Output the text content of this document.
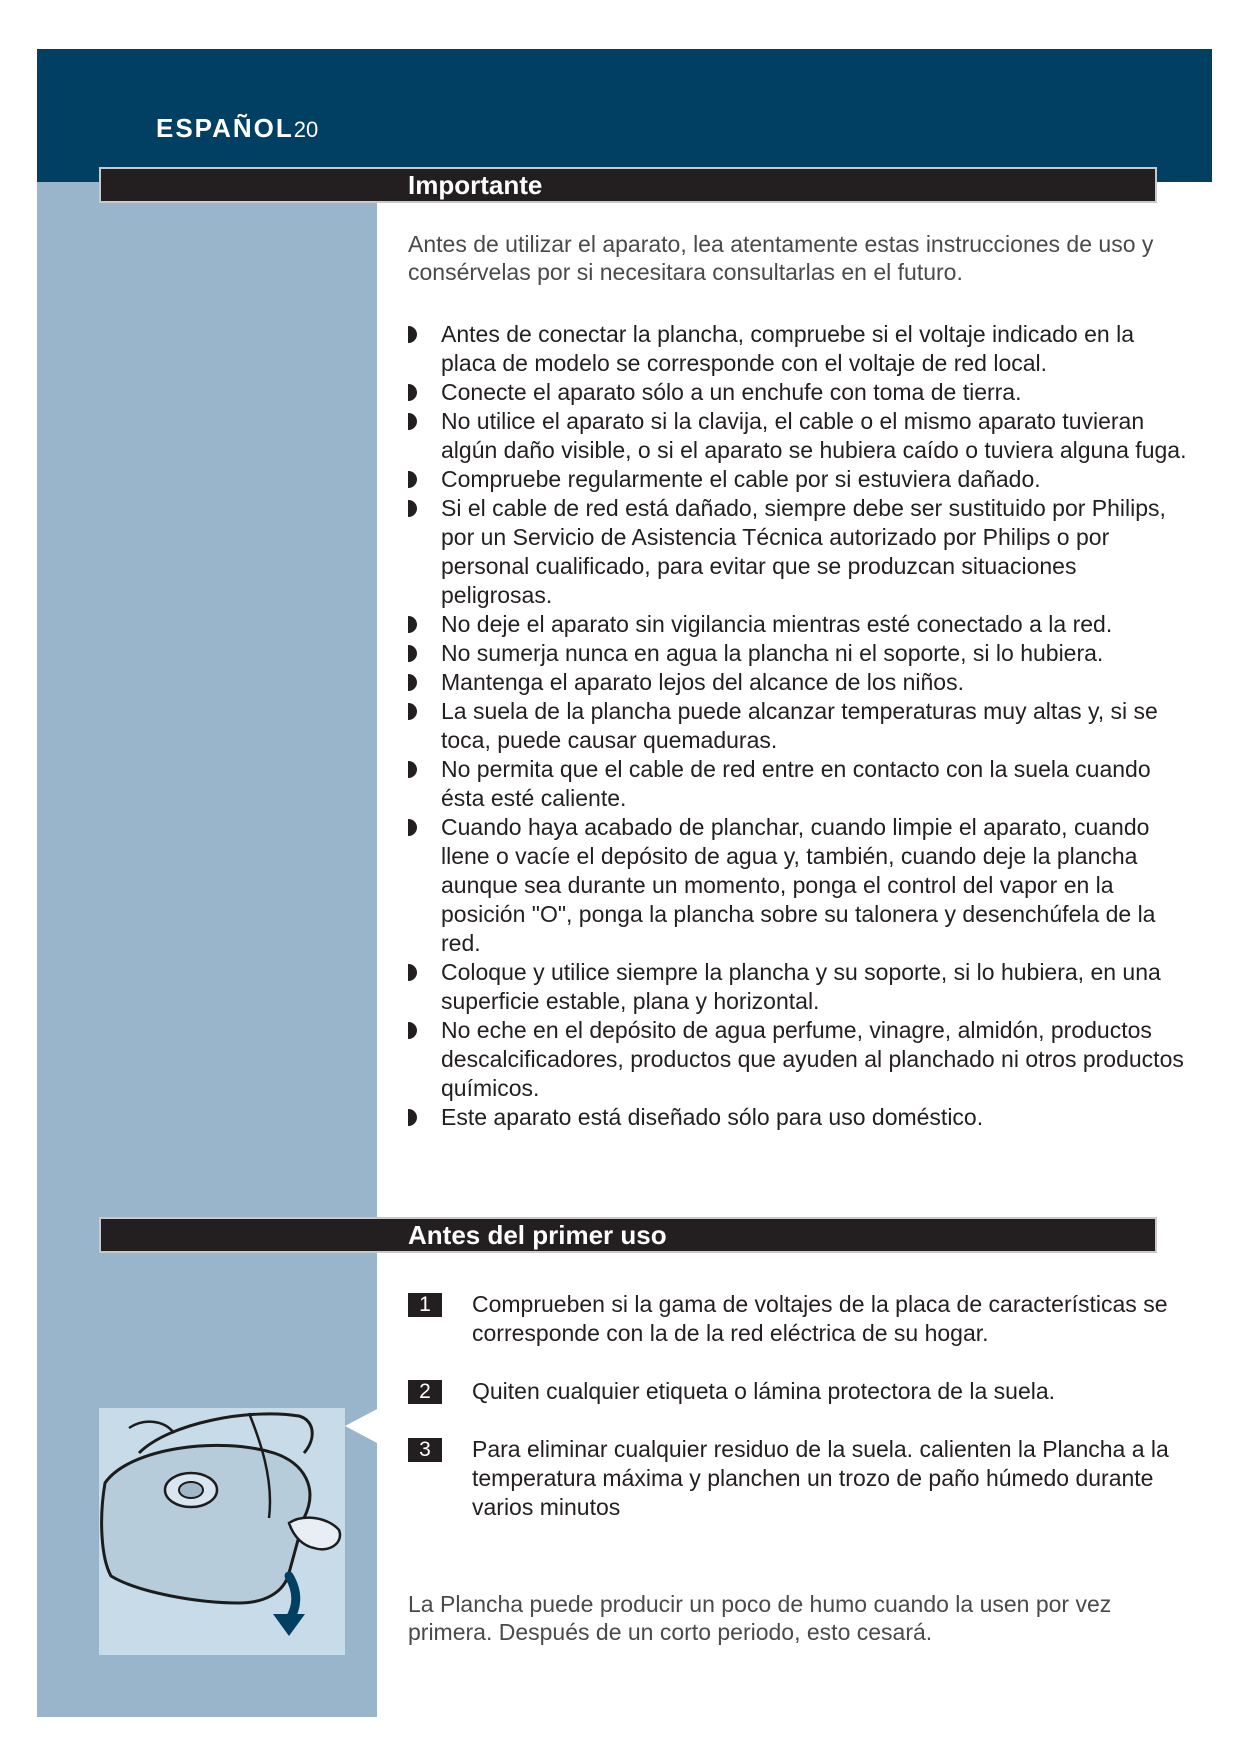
ESPAÑOL20
Importante
Antes de utilizar el aparato, lea atentamente estas instrucciones de uso y consérvelas por si necesitara consultarlas en el futuro.
Antes de conectar la plancha, compruebe si el voltaje indicado en la placa de modelo se corresponde con el voltaje de red local.
Conecte el aparato sólo a un enchufe con toma de tierra.
No utilice el aparato si la clavija, el cable o el mismo aparato tuvieran algún daño visible, o si el aparato se hubiera caído o tuviera alguna fuga.
Compruebe regularmente el cable por si estuviera dañado.
Si el cable de red está dañado, siempre debe ser sustituido por Philips, por un Servicio de Asistencia Técnica autorizado por Philips o por personal cualificado, para evitar que se produzcan situaciones peligrosas.
No deje el aparato sin vigilancia mientras esté conectado a la red.
No sumerja nunca en agua la plancha ni el soporte, si lo hubiera.
Mantenga el aparato lejos del alcance de los niños.
La suela de la plancha puede alcanzar temperaturas muy altas y, si se toca, puede causar quemaduras.
No permita que el cable de red entre en contacto con la suela cuando ésta esté caliente.
Cuando haya acabado de planchar, cuando limpie el aparato, cuando llene o vacíe el depósito de agua y, también, cuando deje la plancha aunque sea durante un momento, ponga el control del vapor en la posición "O", ponga la plancha sobre su talonera y desenchúfela de la red.
Coloque y utilice siempre la plancha y su soporte, si lo hubiera, en una superficie estable, plana y horizontal.
No eche en el depósito de agua perfume, vinagre, almidón, productos descalcificadores, productos que ayuden al planchado ni otros productos químicos.
Este aparato está diseñado sólo para uso doméstico.
Antes del primer uso
1	Comprueben si la gama de voltajes de la placa de características se corresponde con la de la red eléctrica de su hogar.
2	Quiten cualquier etiqueta o lámina protectora de la suela.
3	Para eliminar cualquier residuo de la suela. calienten la Plancha a la temperatura máxima y planchen un trozo de paño húmedo durante varios minutos
La Plancha puede producir un poco de humo cuando la usen por vez primera. Después de un corto periodo, esto cesará.
